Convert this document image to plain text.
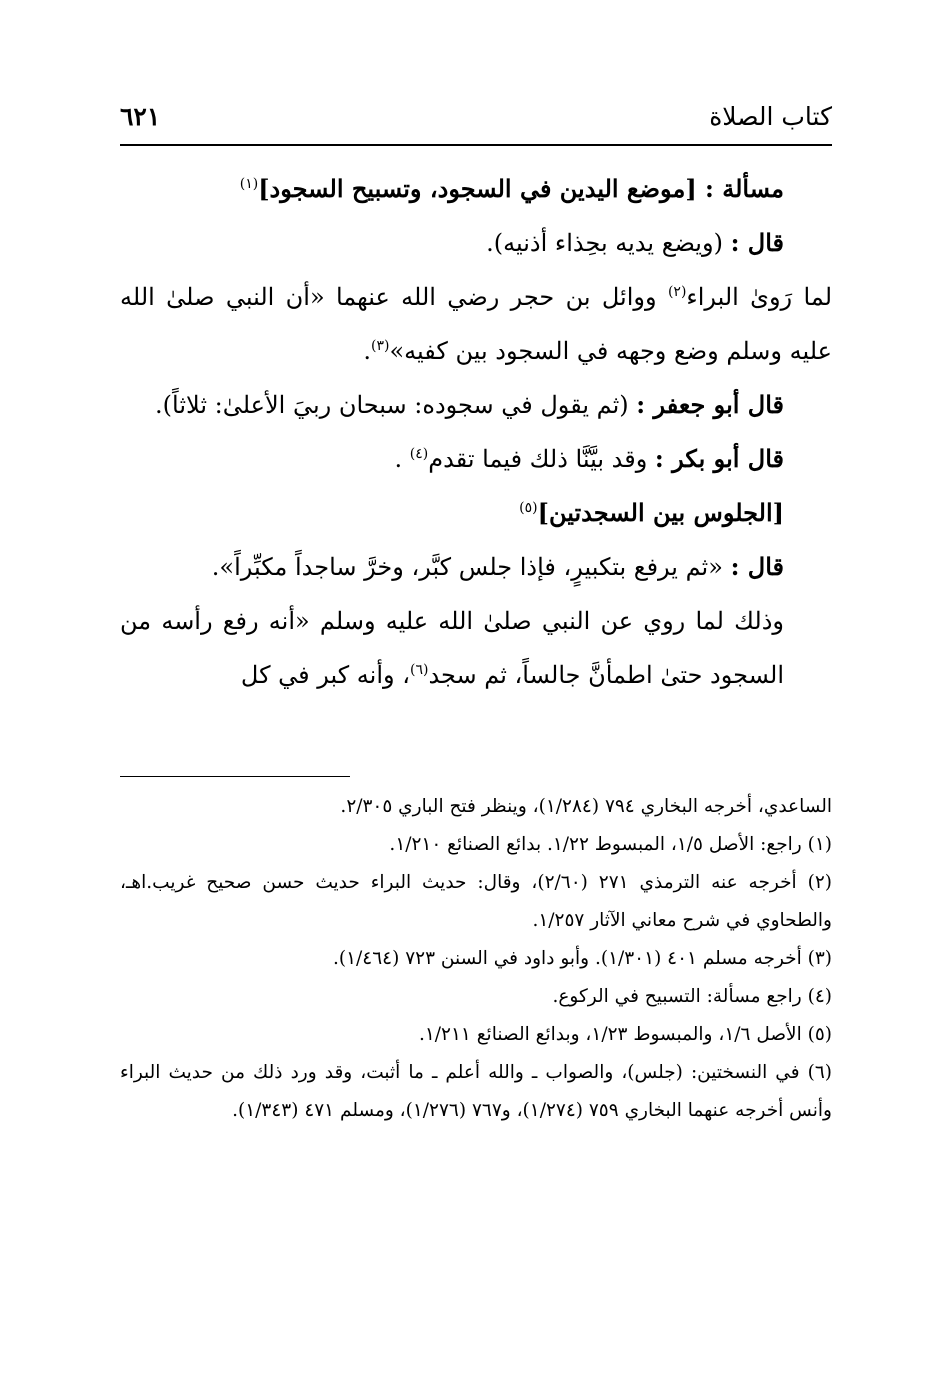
كتاب الصلاة
٦٢١

مسألة : [موضع اليدين في السجود، وتسبيح السجود]$^{(١)}$

قال : (ويضع يديه بحِذاء أذنيه).

لما رَوىٰ البراء$^{(٢)}$ ووائل بن حجر رضي الله عنهما «أن النبي صلىٰ الله عليه وسلم وضع وجهه في السجود بين كفيه»$^{(٣)}$.

قال أبو جعفر : (ثم يقول في سجوده: سبحان ربيَ الأعلىٰ: ثلاثاً).

قال أبو بكر : وقد بيَّنَّا ذلك فيما تقدم$^{(٤)}$ .

[الجلوس بين السجدتين]$^{(٥)}$

قال : «ثم يرفع بتكبيرٍ، فإذا جلس كبَّر، وخرَّ ساجداً مكبِّراً».

وذلك لما روي عن النبي صلىٰ الله عليه وسلم «أنه رفع رأسه من السجود حتىٰ اطمأنَّ جالساً، ثم سجد$^{(٦)}$، وأنه كبر في كل

الساعدي، أخرجه البخاري ٧٩٤ (١/٢٨٤)، وينظر فتح الباري ٢/٣٠٥.

(١) راجع: الأصل ١/٥، المبسوط ١/٢٢. بدائع الصنائع ١/٢١٠.

(٢) أخرجه عنه الترمذي ٢٧١ (٢/٦٠)، وقال: حديث البراء حديث حسن صحيح غريب.اهـ، والطحاوي في شرح معاني الآثار ١/٢٥٧.

(٣) أخرجه مسلم ٤٠١ (١/٣٠١). وأبو داود في السنن ٧٢٣ (١/٤٦٤).

(٤) راجع مسألة: التسبيح في الركوع.

(٥) الأصل ١/٦، والمبسوط ١/٢٣، وبدائع الصنائع ١/٢١١.

(٦) في النسختين: (جلس)، والصواب ـ والله أعلم ـ ما أثبت، وقد ورد ذلك من حديث البراء وأنس أخرجه عنهما البخاري ٧٥٩ (١/٢٧٤)، و٧٦٧ (١/٢٧٦)، ومسلم ٤٧١ (١/٣٤٣).
